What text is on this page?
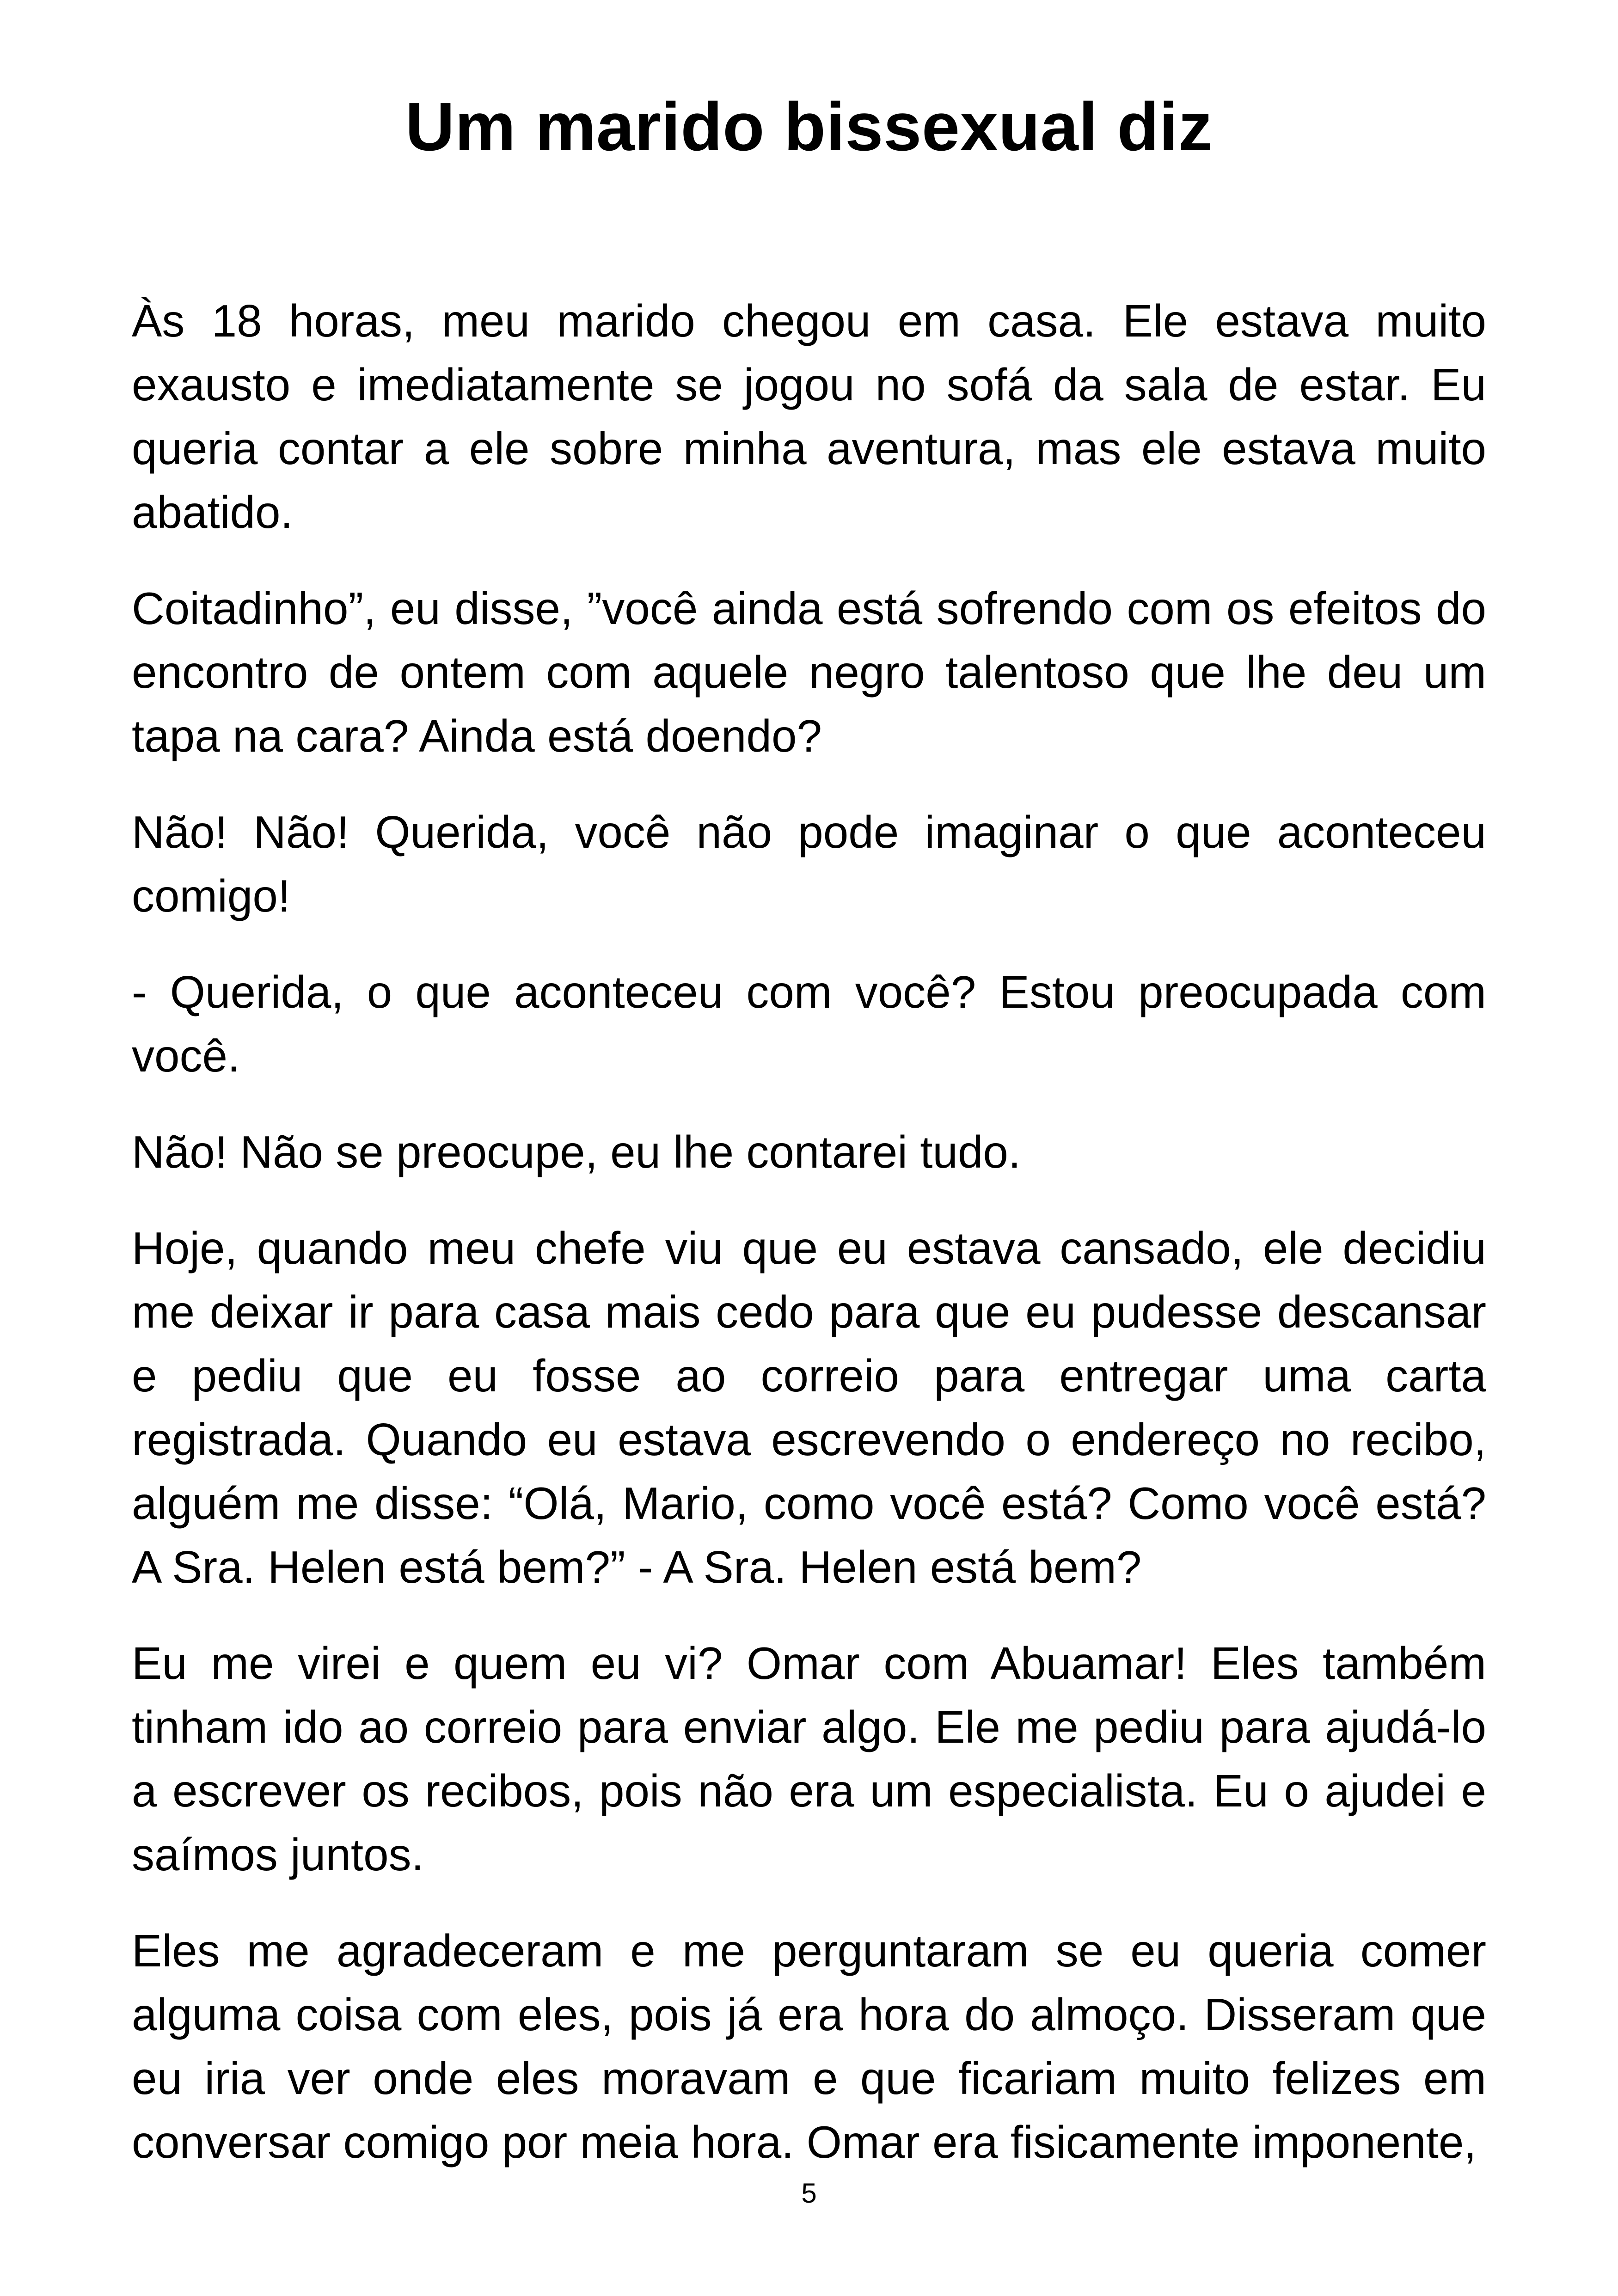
Um marido bissexual diz

Às 18 horas, meu marido chegou em casa. Ele estava muito exausto e imediatamente se jogou no sofá da sala de estar. Eu queria contar a ele sobre minha aventura, mas ele estava muito abatido.

Coitadinho”, eu disse, ”você ainda está sofrendo com os efeitos do encontro de ontem com aquele negro talentoso que lhe deu um tapa na cara? Ainda está doendo?

Não! Não! Querida, você não pode imaginar o que aconteceu comigo!

- Querida, o que aconteceu com você? Estou preocupada com você.

Não! Não se preocupe, eu lhe contarei tudo.

Hoje, quando meu chefe viu que eu estava cansado, ele decidiu me deixar ir para casa mais cedo para que eu pudesse descansar e pediu que eu fosse ao correio para entregar uma carta registrada. Quando eu estava escrevendo o endereço no recibo, alguém me disse: “Olá, Mario, como você está? Como você está? A Sra. Helen está bem?” - A Sra. Helen está bem?

Eu me virei e quem eu vi? Omar com Abuamar! Eles também tinham ido ao correio para enviar algo. Ele me pediu para ajudá-lo a escrever os recibos, pois não era um especialista. Eu o ajudei e saímos juntos.

Eles me agradeceram e me perguntaram se eu queria comer alguma coisa com eles, pois já era hora do almoço. Disseram que eu iria ver onde eles moravam e que ficariam muito felizes em conversar comigo por meia hora. Omar era fisicamente imponente,

5
